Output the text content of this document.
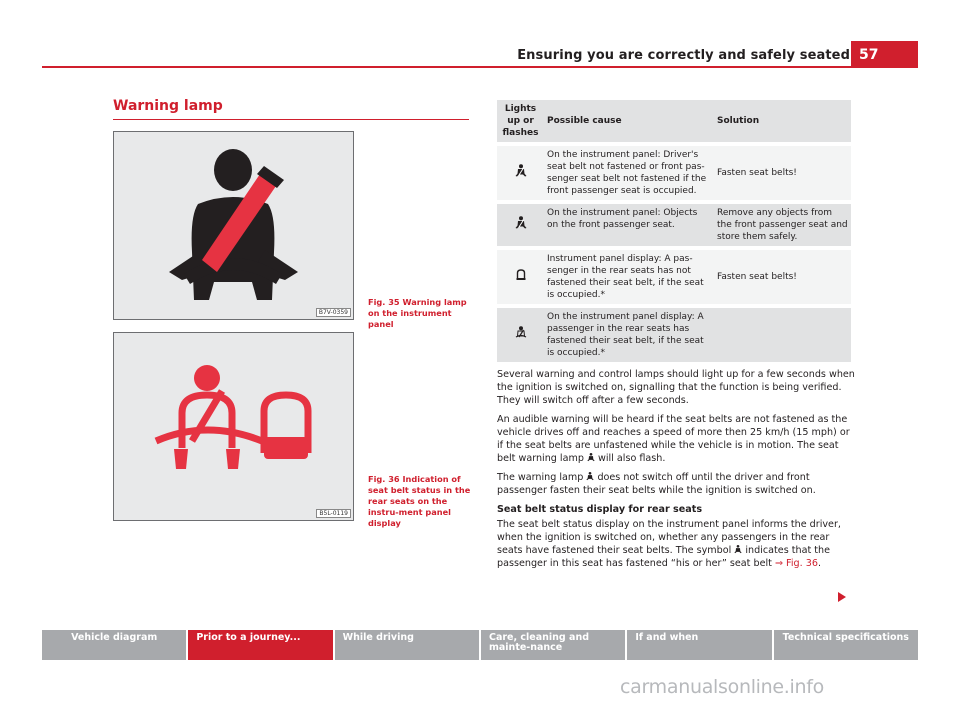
Ensuring you are correctly and safely seated 57
Warning lamp
B7V-0359
Fig. 35 Warning lamp on the instrument panel
B5L-0119
Fig. 36 Indication of seat belt status in the rear seats on the instru-ment panel display
Lights up or flashes	Possible cause	Solution
	On the instrument panel: Driver's seat belt not fastened or front pas-senger seat belt not fastened if the front passenger seat is occupied.	Fasten seat belts!
	On the instrument panel: Objects on the front passenger seat.	Remove any objects from the front passenger seat and store them safely.
	Instrument panel display: A pas-senger in the rear seats has not fastened their seat belt, if the seat is occupied.*	Fasten seat belts!
	On the instrument panel display: A passenger in the rear seats has fastened their seat belt, if the seat is occupied.*	

Several warning and control lamps should light up for a few seconds when the ignition is switched on, signalling that the function is being verified. They will switch off after a few seconds.

An audible warning will be heard if the seat belts are not fastened as the vehicle drives off and reaches a speed of more then 25 km/h (15 mph) or if the seat belts are unfastened while the vehicle is in motion. The seat belt warning lamp  will also flash.

The warning lamp  does not switch off until the driver and front passenger fasten their seat belts while the ignition is switched on.

Seat belt status display for rear seats

The seat belt status display on the instrument panel informs the driver, when the ignition is switched on, whether any passengers in the rear seats have fastened their seat belts. The symbol  indicates that the passenger in this seat has fastened “his or her” seat belt ⇒ Fig. 36.

Vehicle diagram	Prior to a journey...	While driving	Care, cleaning and mainte-nance
If and when	Technical specifications
carmanualsonline.info
